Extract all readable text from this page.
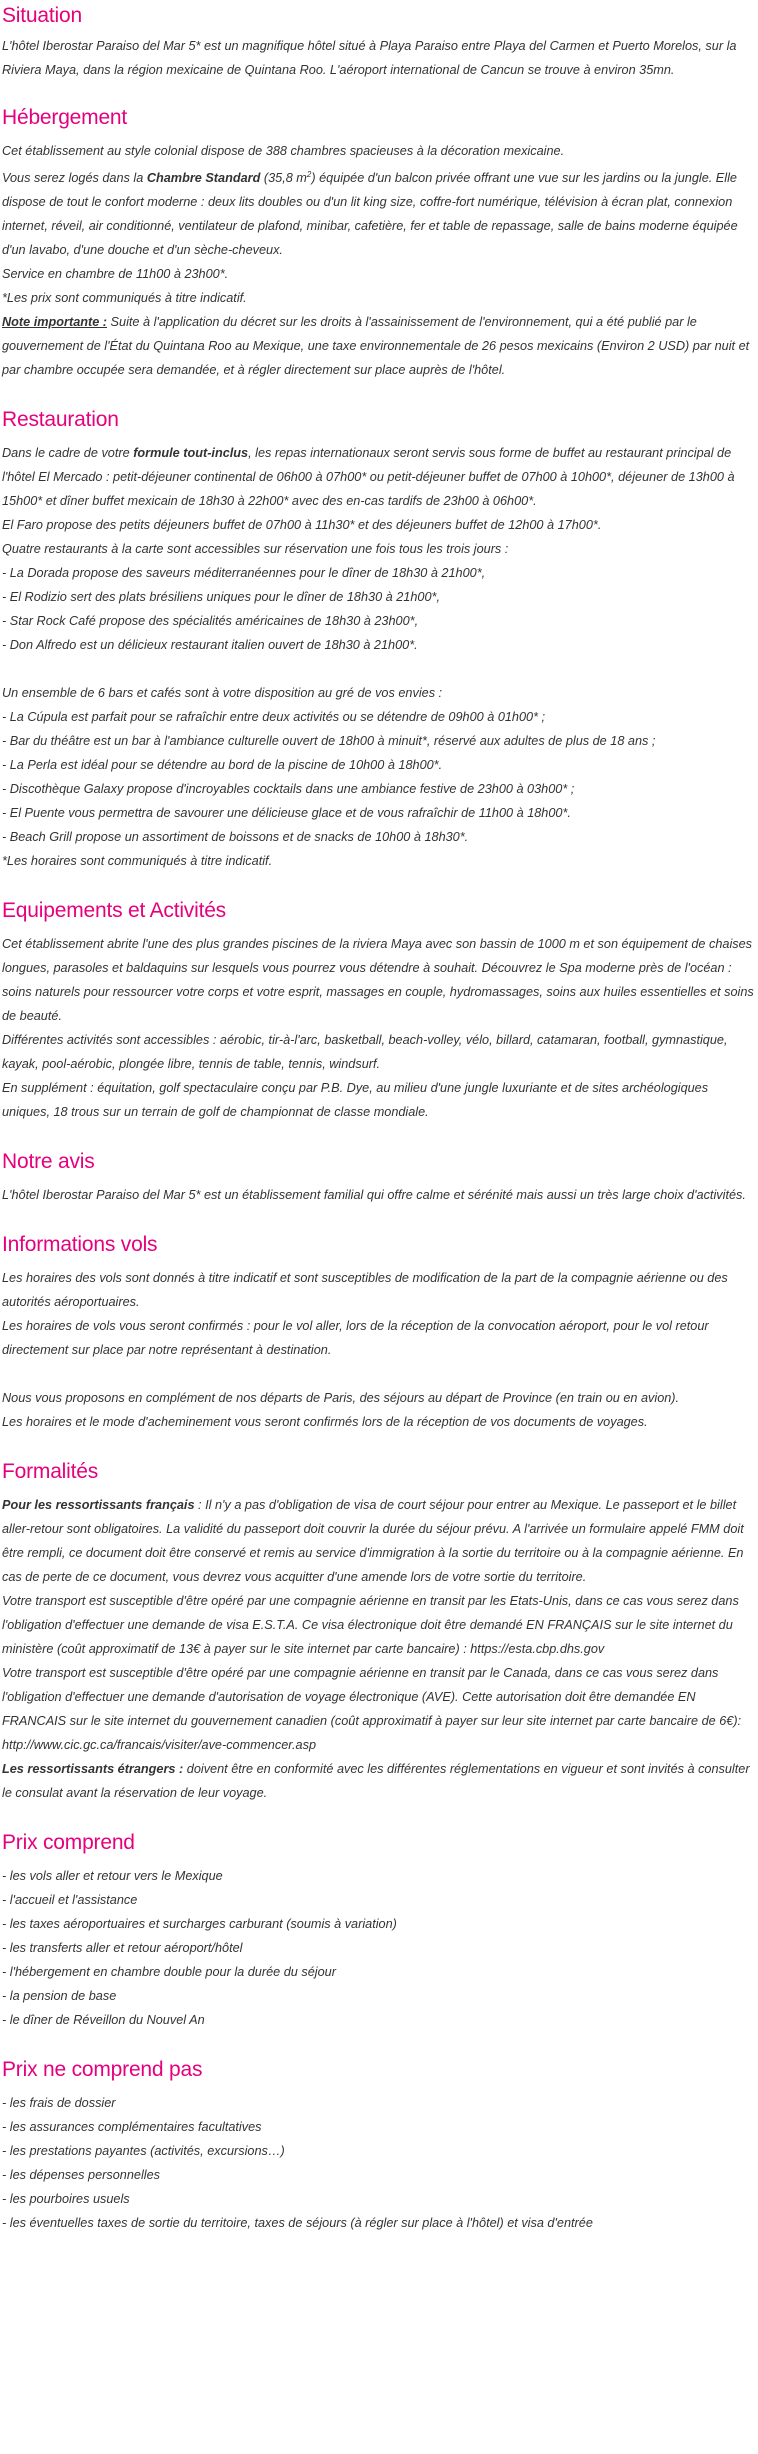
Situation

L'hôtel Iberostar Paraiso del Mar 5* est un magnifique hôtel situé à Playa Paraiso entre Playa del Carmen et Puerto Morelos, sur la Riviera Maya, dans la région mexicaine de Quintana Roo. L'aéroport international de Cancun se trouve à environ 35mn.

Hébergement

Cet établissement au style colonial dispose de 388 chambres spacieuses à la décoration mexicaine.

Vous serez logés dans la Chambre Standard (35,8 $m^2$) équipée d'un balcon privée offrant une vue sur les jardins ou la jungle. Elle dispose de tout le confort moderne : deux lits doubles ou d'un lit king size, coffre-fort numérique, télévision à écran plat, connexion internet, réveil, air conditionné, ventilateur de plafond, minibar, cafetière, fer et table de repassage, salle de bains moderne équipée d'un lavabo, d'une douche et d'un sèche-cheveux.

Service en chambre de 11h00 à 23h00*.

*Les prix sont communiqués à titre indicatif.

Note importante : Suite à l'application du décret sur les droits à l'assainissement de l'environnement, qui a été publié par le gouvernement de l'État du Quintana Roo au Mexique, une taxe environnementale de 26 pesos mexicains (Environ 2 USD) par nuit et par chambre occupée sera demandée, et à régler directement sur place auprès de l'hôtel.

Restauration

Dans le cadre de votre formule tout-inclus, les repas internationaux seront servis sous forme de buffet au restaurant principal de l'hôtel El Mercado : petit-déjeuner continental de 06h00 à 07h00* ou petit-déjeuner buffet de 07h00 à 10h00*, déjeuner de 13h00 à 15h00* et dîner buffet mexicain de 18h30 à 22h00* avec des en-cas tardifs de 23h00 à 06h00*.

El Faro propose des petits déjeuners buffet de 07h00 à 11h30* et des déjeuners buffet de 12h00 à 17h00*.

Quatre restaurants à la carte sont accessibles sur réservation une fois tous les trois jours :

- La Dorada propose des saveurs méditerranéennes pour le dîner de 18h30 à 21h00*,

- El Rodizio sert des plats brésiliens uniques pour le dîner de 18h30 à 21h00*,

- Star Rock Café propose des spécialités américaines de 18h30 à 23h00*,

- Don Alfredo est un délicieux restaurant italien ouvert de 18h30 à 21h00*.

Un ensemble de 6 bars et cafés sont à votre disposition au gré de vos envies :

- La Cúpula est parfait pour se rafraîchir entre deux activités ou se détendre de 09h00 à 01h00* ;

- Bar du théâtre est un bar à l'ambiance culturelle ouvert de 18h00 à minuit*, réservé aux adultes de plus de 18 ans ;

- La Perla est idéal pour se détendre au bord de la piscine de 10h00 à 18h00*.

- Discothèque Galaxy propose d'incroyables cocktails dans une ambiance festive de 23h00 à 03h00* ;

- El Puente vous permettra de savourer une délicieuse glace et de vous rafraîchir de 11h00 à 18h00*.

- Beach Grill propose un assortiment de boissons et de snacks de 10h00 à 18h30*.

*Les horaires sont communiqués à titre indicatif.

Equipements et Activités

Cet établissement abrite l'une des plus grandes piscines de la riviera Maya avec son bassin de 1000 m et son équipement de chaises longues, parasoles et baldaquins sur lesquels vous pourrez vous détendre à souhait. Découvrez le Spa moderne près de l'océan : soins naturels pour ressourcer votre corps et votre esprit, massages en couple, hydromassages, soins aux huiles essentielles et soins de beauté.

Différentes activités sont accessibles : aérobic, tir-à-l'arc, basketball, beach-volley, vélo, billard, catamaran, football, gymnastique, kayak, pool-aérobic, plongée libre, tennis de table, tennis, windsurf.

En supplément : équitation, golf spectaculaire conçu par P.B. Dye, au milieu d'une jungle luxuriante et de sites archéologiques uniques, 18 trous sur un terrain de golf de championnat de classe mondiale.

Notre avis

L'hôtel Iberostar Paraiso del Mar 5* est un établissement familial qui offre calme et sérénité mais aussi un très large choix d'activités.

Informations vols

Les horaires des vols sont donnés à titre indicatif et sont susceptibles de modification de la part de la compagnie aérienne ou des autorités aéroportuaires.

Les horaires de vols vous seront confirmés : pour le vol aller, lors de la réception de la convocation aéroport, pour le vol retour directement sur place par notre représentant à destination.

Nous vous proposons en complément de nos départs de Paris, des séjours au départ de Province (en train ou en avion).

Les horaires et le mode d'acheminement vous seront confirmés lors de la réception de vos documents de voyages.

Formalités

Pour les ressortissants français : Il n'y a pas d'obligation de visa de court séjour pour entrer au Mexique. Le passeport et le billet aller-retour sont obligatoires. La validité du passeport doit couvrir la durée du séjour prévu. A l'arrivée un formulaire appelé FMM doit être rempli, ce document doit être conservé et remis au service d'immigration à la sortie du territoire ou à la compagnie aérienne. En cas de perte de ce document, vous devrez vous acquitter d'une amende lors de votre sortie du territoire.

Votre transport est susceptible d'être opéré par une compagnie aérienne en transit par les Etats-Unis, dans ce cas vous serez dans l'obligation d'effectuer une demande de visa E.S.T.A. Ce visa électronique doit être demandé EN FRANÇAIS sur le site internet du ministère (coût approximatif de 13€ à payer sur le site internet par carte bancaire) : https://esta.cbp.dhs.gov

Votre transport est susceptible d'être opéré par une compagnie aérienne en transit par le Canada, dans ce cas vous serez dans l'obligation d'effectuer une demande d'autorisation de voyage électronique (AVE). Cette autorisation doit être demandée EN FRANCAIS sur le site internet du gouvernement canadien (coût approximatif à payer sur leur site internet par carte bancaire de 6€): http://www.cic.gc.ca/francais/visiter/ave-commencer.asp

Les ressortissants étrangers : doivent être en conformité avec les différentes réglementations en vigueur et sont invités à consulter le consulat avant la réservation de leur voyage.

Prix comprend

- les vols aller et retour vers le Mexique

- l'accueil et l'assistance

- les taxes aéroportuaires et surcharges carburant (soumis à variation)

- les transferts aller et retour aéroport/hôtel

- l'hébergement en chambre double pour la durée du séjour

- la pension de base

- le dîner de Réveillon du Nouvel An

Prix ne comprend pas

- les frais de dossier

- les assurances complémentaires facultatives

- les prestations payantes (activités, excursions…)

- les dépenses personnelles

- les pourboires usuels

- les éventuelles taxes de sortie du territoire, taxes de séjours (à régler sur place à l'hôtel) et visa d'entrée
